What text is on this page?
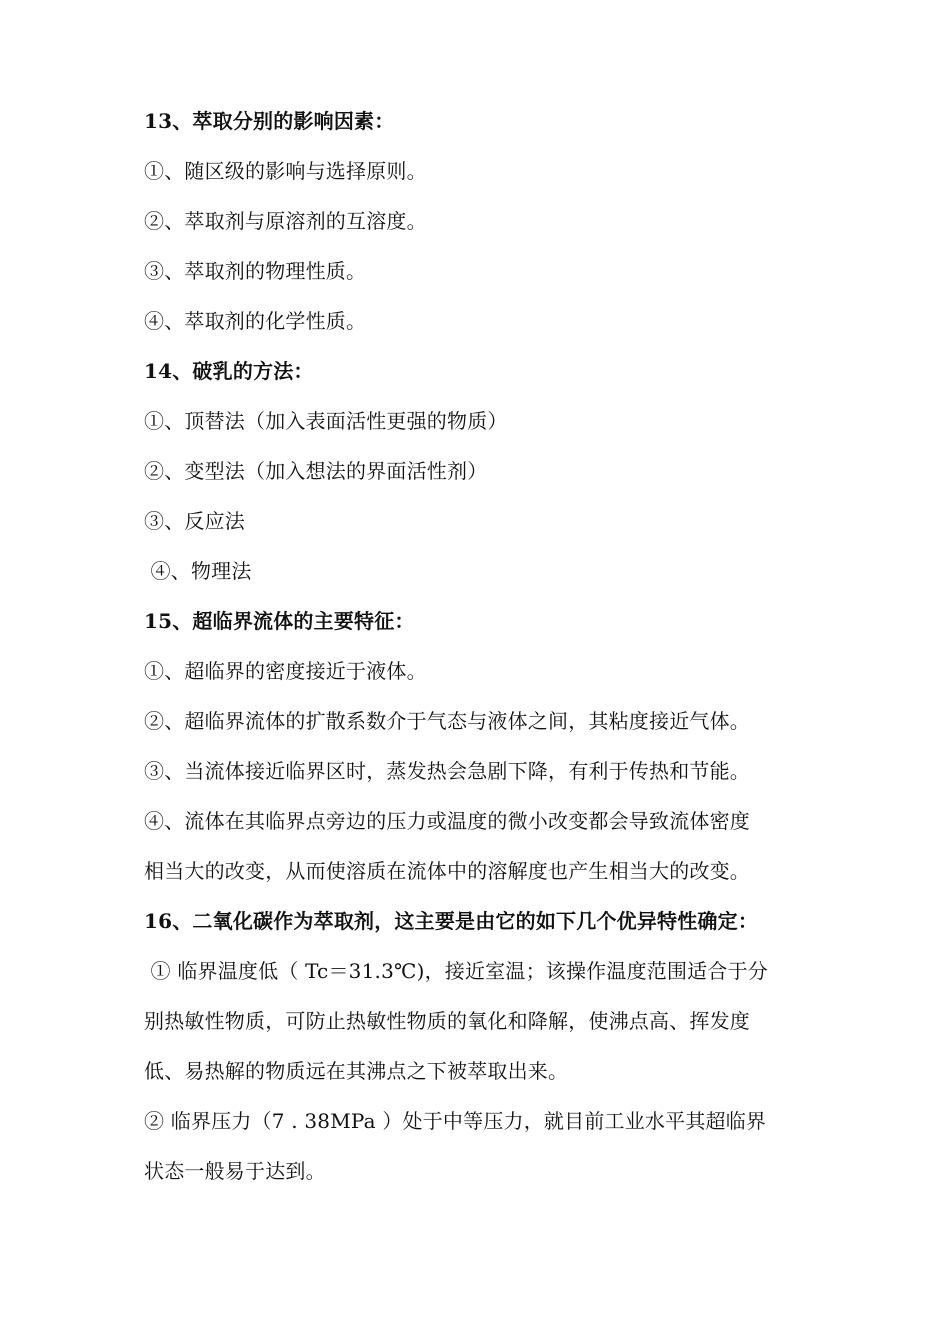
13、萃取分别的影响因素：
①、随区级的影响与选择原则。
②、萃取剂与原溶剂的互溶度。
③、萃取剂的物理性质。
④、萃取剂的化学性质。
14、破乳的方法：
①、顶替法（加入表面活性更强的物质）
②、变型法（加入想法的界面活性剂）
③、反应法
④、物理法
15、超临界流体的主要特征：
①、超临界的密度接近于液体。
②、超临界流体的扩散系数介于气态与液体之间，其粘度接近气体。
③、当流体接近临界区时，蒸发热会急剧下降，有利于传热和节能。
④、流体在其临界点旁边的压力或温度的微小改变都会导致流体密度
相当大的改变，从而使溶质在流体中的溶解度也产生相当大的改变。
16、二氧化碳作为萃取剂，这主要是由它的如下几个优异特性确定：
① 临界温度低（ Tc＝31.3℃)，接近室温；该操作温度范围适合于分
别热敏性物质，可防止热敏性物质的氧化和降解，使沸点高、挥发度
低、易热解的物质远在其沸点之下被萃取出来。
② 临界压力（7 . 38MPa ）处于中等压力，就目前工业水平其超临界
状态一般易于达到。
